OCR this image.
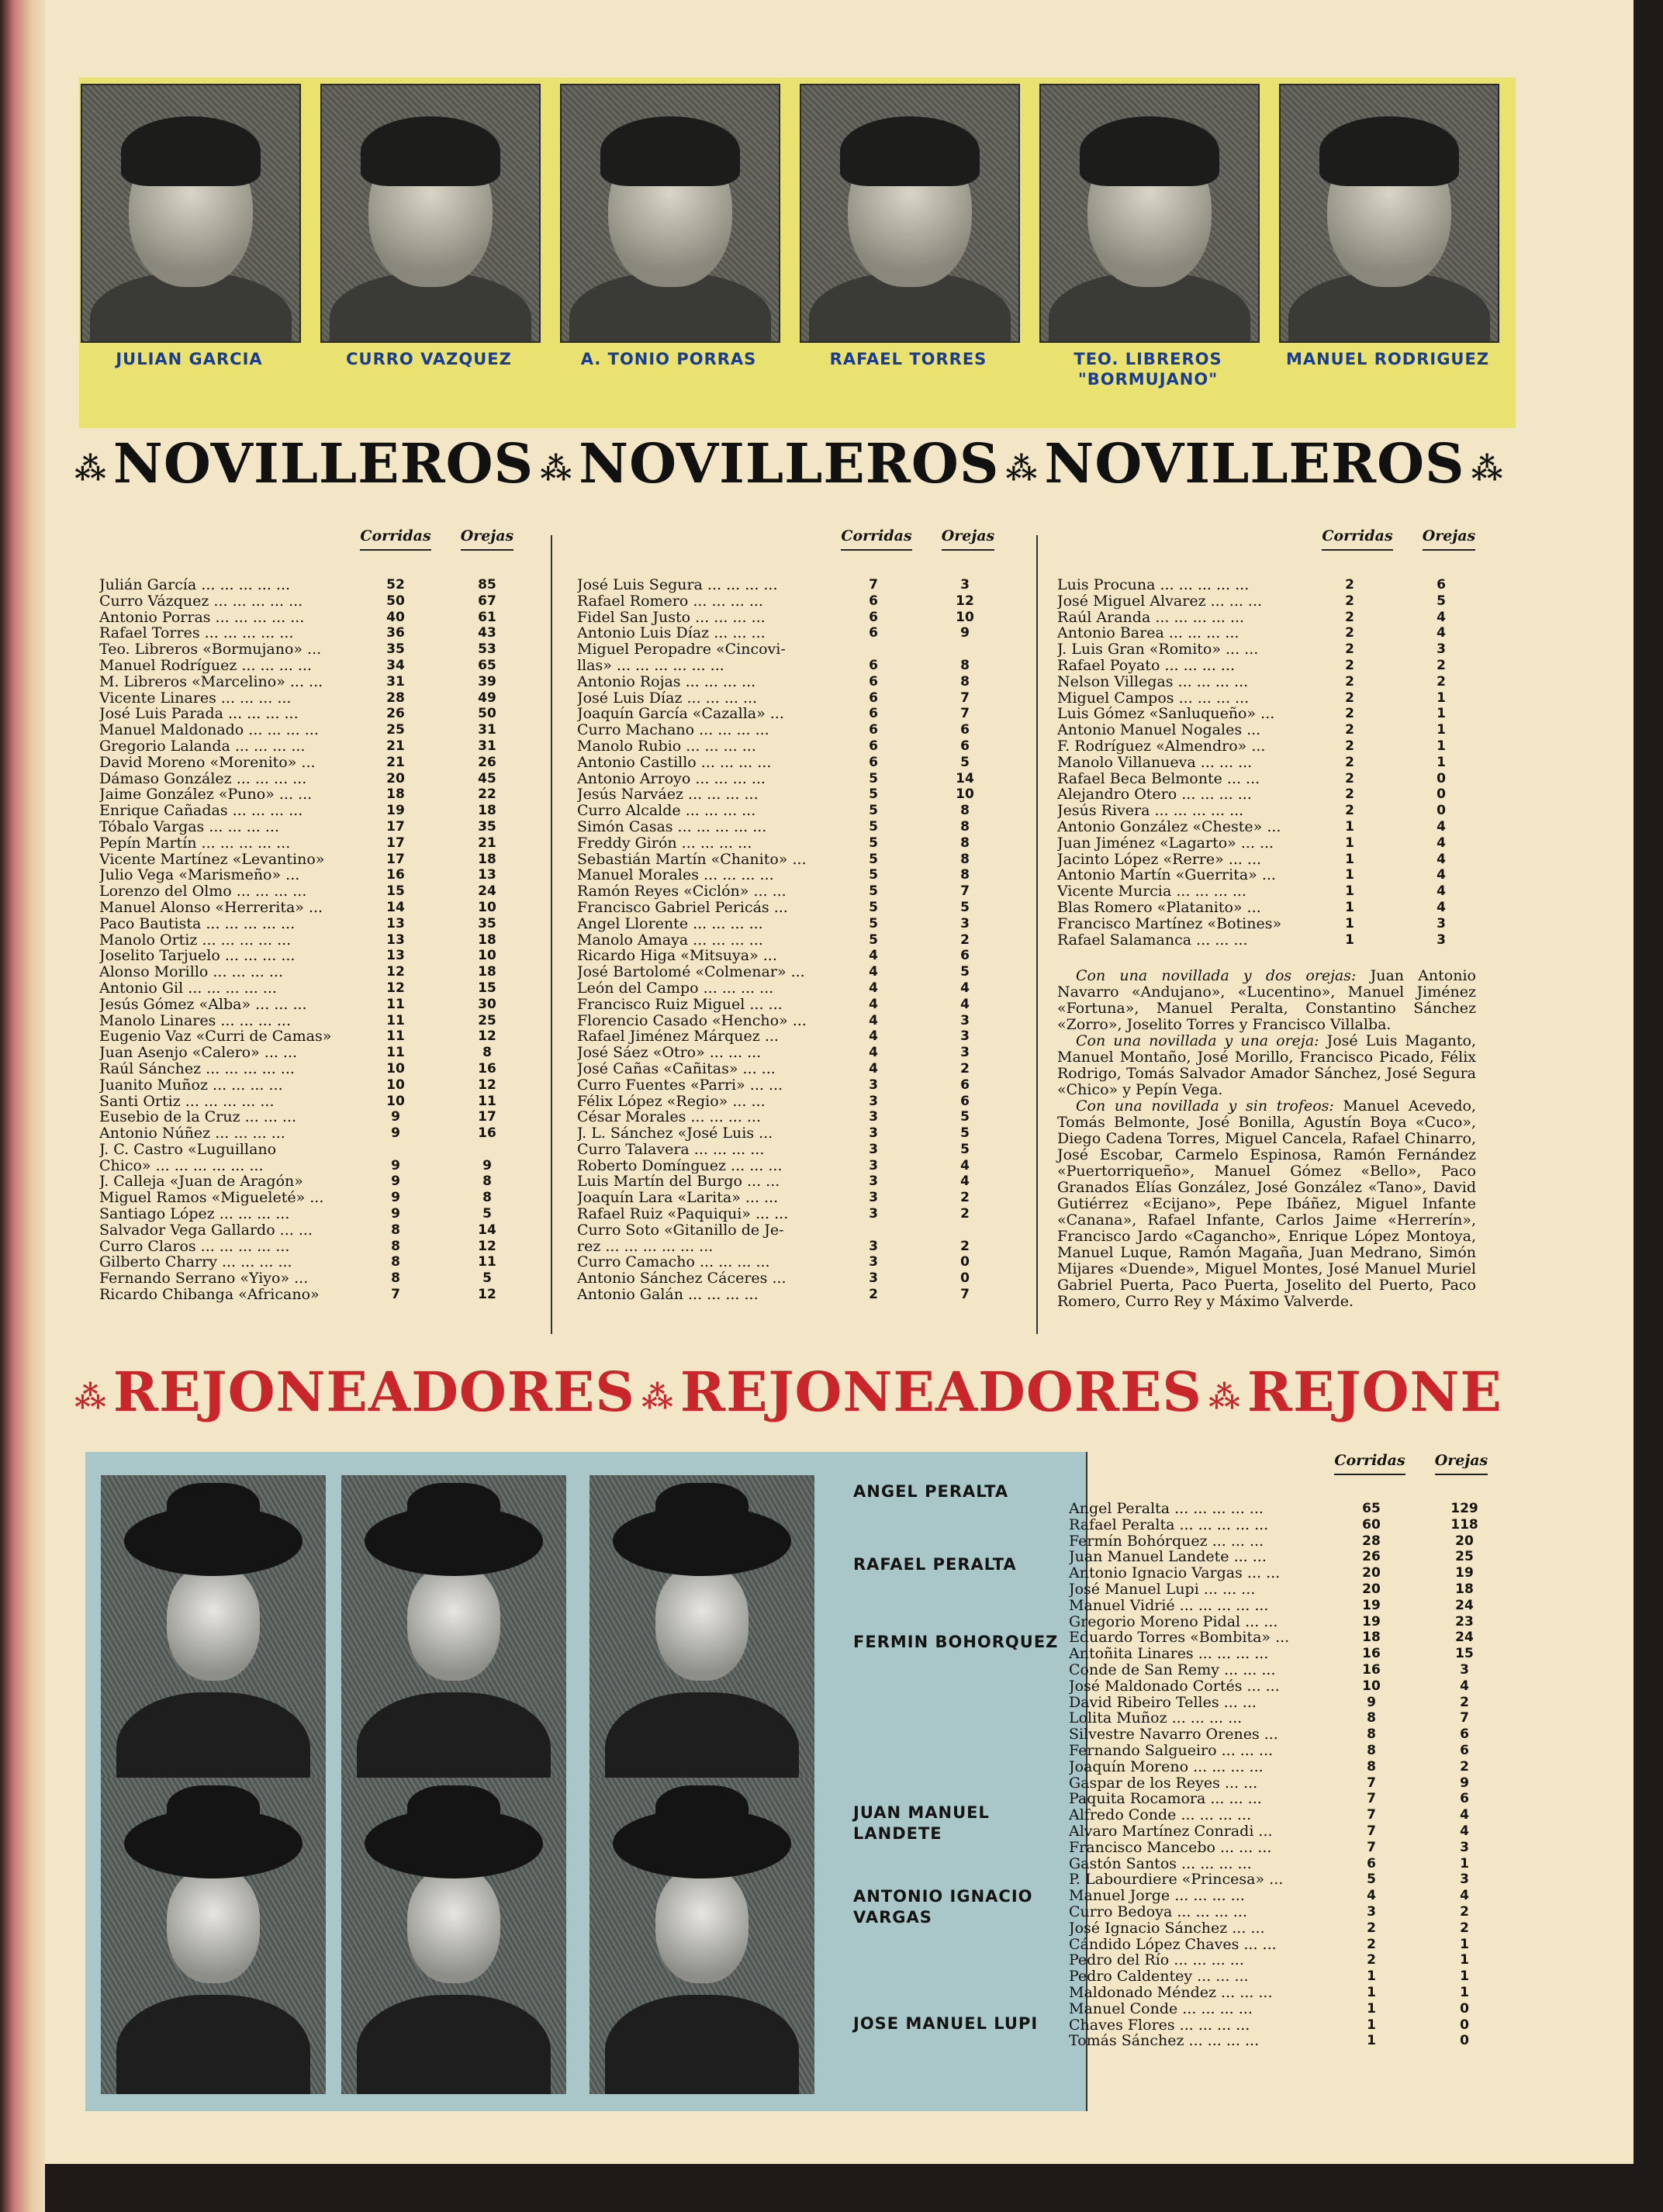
JULIAN GARCIA	CURRO VAZQUEZ	A. TONIO PORRAS	RAFAEL TORRES	TEO. LIBREROS "BORMUJANO"
MANUEL RODRIGUEZ
⁂ NOVILLEROS ⁂ NOVILLEROS ⁂ NOVILLEROS ⁂
Corridas	Orejas	Corridas	Orejas	Corridas	Orejas
Julián García ... ... ... ... ...	52	85
Curro Vázquez ... ... ... ... ...	50	67
Antonio Porras ... ... ... ... ...	40	61
Rafael Torres ... ... ... ... ...	36	43
Teo. Libreros «Bormujano» ...	35	53
Manuel Rodríguez ... ... ... ...	34	65
M. Libreros «Marcelino» ... ...	31	39
Vicente Linares ... ... ... ...	28	49
José Luis Parada ... ... ... ...	26	50
Manuel Maldonado ... ... ... ...	25	31
Gregorio Lalanda ... ... ... ...	21	31
David Moreno «Morenito» ...	21	26
Dámaso González ... ... ... ...	20	45
Jaime González «Puno» ... ...	18	22
Enrique Cañadas ... ... ... ...	19	18
Tóbalo Vargas ... ... ... ...	17	35
Pepín Martín ... ... ... ... ...	17	21
Vicente Martínez «Levantino»	17	18
Julio Vega «Marismeño» ...	16	13
Lorenzo del Olmo ... ... ... ...	15	24
Manuel Alonso «Herrerita» ...	14	10
Paco Bautista ... ... ... ... ...	13	35
Manolo Ortiz ... ... ... ... ...	13	18
Joselito Tarjuelo ... ... ... ...	13	10
Alonso Morillo ... ... ... ...	12	18
Antonio Gil ... ... ... ... ...	12	15
Jesús Gómez «Alba» ... ... ...	11	30
Manolo Linares ... ... ... ...	11	25
Eugenio Vaz «Curri de Camas»	11	12
Juan Asenjo «Calero» ... ...	11	8
Raúl Sánchez ... ... ... ... ...	10	16
Juanito Muñoz ... ... ... ...	10	12
Santi Ortiz ... ... ... ... ...	10	11
Eusebio de la Cruz ... ... ...	9	17
Antonio Núñez ... ... ... ...	9	16
J. C. Castro «Luguillano
Chico» ... ... ... ... ... ...	9	9
J. Calleja «Juan de Aragón»	9	8
Miguel Ramos «Migueleté» ...	9	8
Santiago López ... ... ... ...	9	5
Salvador Vega Gallardo ... ...	8	14
Curro Claros ... ... ... ... ...	8	12
Gilberto Charry ... ... ... ...	8	11
Fernando Serrano «Yiyo» ...	8	5
Ricardo Chibanga «Africano»	7	12
José Luis Segura ... ... ... ...	7	3
Rafael Romero ... ... ... ...	6	12
Fidel San Justo ... ... ... ...	6	10
Antonio Luis Díaz ... ... ...	6	9
Miguel Peropadre «Cincovi-
llas» ... ... ... ... ... ...	6	8
Antonio Rojas ... ... ... ...	6	8
José Luis Díaz ... ... ... ...	6	7
Joaquín García «Cazalla» ...	6	7
Curro Machano ... ... ... ...	6	6
Manolo Rubio ... ... ... ...	6	6
Antonio Castillo ... ... ... ...	6	5
Antonio Arroyo ... ... ... ...	5	14
Jesús Narváez ... ... ... ...	5	10
Curro Alcalde ... ... ... ...	5	8
Simón Casas ... ... ... ... ...	5	8
Freddy Girón ... ... ... ...	5	8
Sebastián Martín «Chanito» ...	5	8
Manuel Morales ... ... ... ...	5	8
Ramón Reyes «Ciclón» ... ...	5	7
Francisco Gabriel Pericás ...	5	5
Angel Llorente ... ... ... ...	5	3
Manolo Amaya ... ... ... ...	5	2
Ricardo Higa «Mitsuya» ...	4	6
José Bartolomé «Colmenar» ...	4	5
León del Campo ... ... ... ...	4	4
Francisco Ruiz Miguel ... ...	4	4
Florencio Casado «Hencho» ...	4	3
Rafael Jiménez Márquez ...	4	3
José Sáez «Otro» ... ... ...	4	3
José Cañas «Cañitas» ... ...	4	2
Curro Fuentes «Parri» ... ...	3	6
Félix López «Regio» ... ...	3	6
César Morales ... ... ... ...	3	5
J. L. Sánchez «José Luis ...	3	5
Curro Talavera ... ... ... ...	3	5
Roberto Domínguez ... ... ...	3	4
Luis Martín del Burgo ... ...	3	4
Joaquín Lara «Larita» ... ...	3	2
Rafael Ruiz «Paquiqui» ... ...	3	2
Curro Soto «Gitanillo de Je-
rez ... ... ... ... ... ...	3	2
Curro Camacho ... ... ... ...	3	0
Antonio Sánchez Cáceres ...	3	0
Antonio Galán ... ... ... ...	2	7
Luis Procuna ... ... ... ... ...	2	6
José Miguel Alvarez ... ... ...	2	5
Raúl Aranda ... ... ... ... ...	2	4
Antonio Barea ... ... ... ...	2	4
J. Luis Gran «Romito» ... ...	2	3
Rafael Poyato ... ... ... ...	2	2
Nelson Villegas ... ... ... ...	2	2
Miguel Campos ... ... ... ...	2	1
Luis Gómez «Sanluqueño» ...	2	1
Antonio Manuel Nogales ...	2	1
F. Rodríguez «Almendro» ...	2	1
Manolo Villanueva ... ... ...	2	1
Rafael Beca Belmonte ... ...	2	0
Alejandro Otero ... ... ... ...	2	0
Jesús Rivera ... ... ... ... ...	2	0
Antonio González «Cheste» ...	1	4
Juan Jiménez «Lagarto» ... ...	1	4
Jacinto López «Rerre» ... ...	1	4
Antonio Martín «Guerrita» ...	1	4
Vicente Murcia ... ... ... ...	1	4
Blas Romero «Platanito» ...	1	4
Francisco Martínez «Botines»	1	3
Rafael Salamanca ... ... ...	1	3

Con una novillada y dos orejas: Juan Antonio Navarro «Andujano», «Lucentino», Manuel Jiménez «Fortuna», Manuel Peralta, Constantino Sánchez «Zorro», Joselito Torres y Francisco Villalba.

Con una novillada y una oreja: José Luis Maganto, Manuel Montaño, José Morillo, Francisco Picado, Félix Rodrigo, Tomás Salvador Amador Sánchez, José Segura «Chico» y Pepín Vega.

Con una novillada y sin trofeos: Manuel Acevedo, Tomás Belmonte, José Bonilla, Agustín Boya «Cuco», Diego Cadena Torres, Miguel Cancela, Rafael Chinarro, José Escobar, Carmelo Espinosa, Ramón Fernández «Puertorriqueño», Manuel Gómez «Bello», Paco Granados Elías González, José González «Tano», David Gutiérrez «Ecijano», Pepe Ibáñez, Miguel Infante «Canana», Rafael Infante, Carlos Jaime «Herrerín», Francisco Jardo «Caganchо», Enrique López Montoya, Manuel Luque, Ramón Magaña, Juan Medrano, Simón Mijares «Duende», Miguel Montes, José Manuel Muriel Gabriel Puerta, Paco Puerta, Joselito del Puerto, Paco Romero, Curro Rey y Máximo Valverde.

⁂ REJONEADORES ⁂ REJONEADORES ⁂ REJONE
ANGEL PERALTA
RAFAEL PERALTA
FERMIN BOHORQUEZ
JUAN MANUEL LANDETE
ANTONIO IGNACIO VARGAS
JOSE MANUEL LUPI
Corridas	Orejas
Angel Peralta ... ... ... ... ...	65	129
Rafael Peralta ... ... ... ... ...	60	118
Fermín Bohórquez ... ... ...	28	20
Juan Manuel Landete ... ...	26	25
Antonio Ignacio Vargas ... ...	20	19
José Manuel Lupi ... ... ...	20	18
Manuel Vidrié ... ... ... ... ...	19	24
Gregorio Moreno Pidal ... ...	19	23
Eduardo Torres «Bombita» ...	18	24
Antoñita Linares ... ... ... ...	16	15
Conde de San Remy ... ... ...	16	3
José Maldonado Cortés ... ...	10	4
David Ribeiro Telles ... ...	9	2
Lolita Muñoz ... ... ... ...	8	7
Silvestre Navarro Orenes ...	8	6
Fernando Salgueiro ... ... ...	8	6
Joaquín Moreno ... ... ... ...	8	2
Gaspar de los Reyes ... ...	7	9
Paquita Rocamora ... ... ...	7	6
Alfredo Conde ... ... ... ...	7	4
Alvaro Martínez Conradi ...	7	4
Francisco Mancebo ... ... ...	7	3
Gastón Santos ... ... ... ...	6	1
P. Labourdiere «Princesa» ...	5	3
Manuel Jorge ... ... ... ...	4	4
Curro Bedoya ... ... ... ...	3	2
José Ignacio Sánchez ... ...	2	2
Cándido López Chaves ... ...	2	1
Pedro del Río ... ... ... ...	2	1
Pedro Caldentey ... ... ...	1	1
Maldonado Méndez ... ... ...	1	1
Manuel Conde ... ... ... ...	1	0
Chaves Flores ... ... ... ...	1	0
Tomás Sánchez ... ... ... ...	1	0
